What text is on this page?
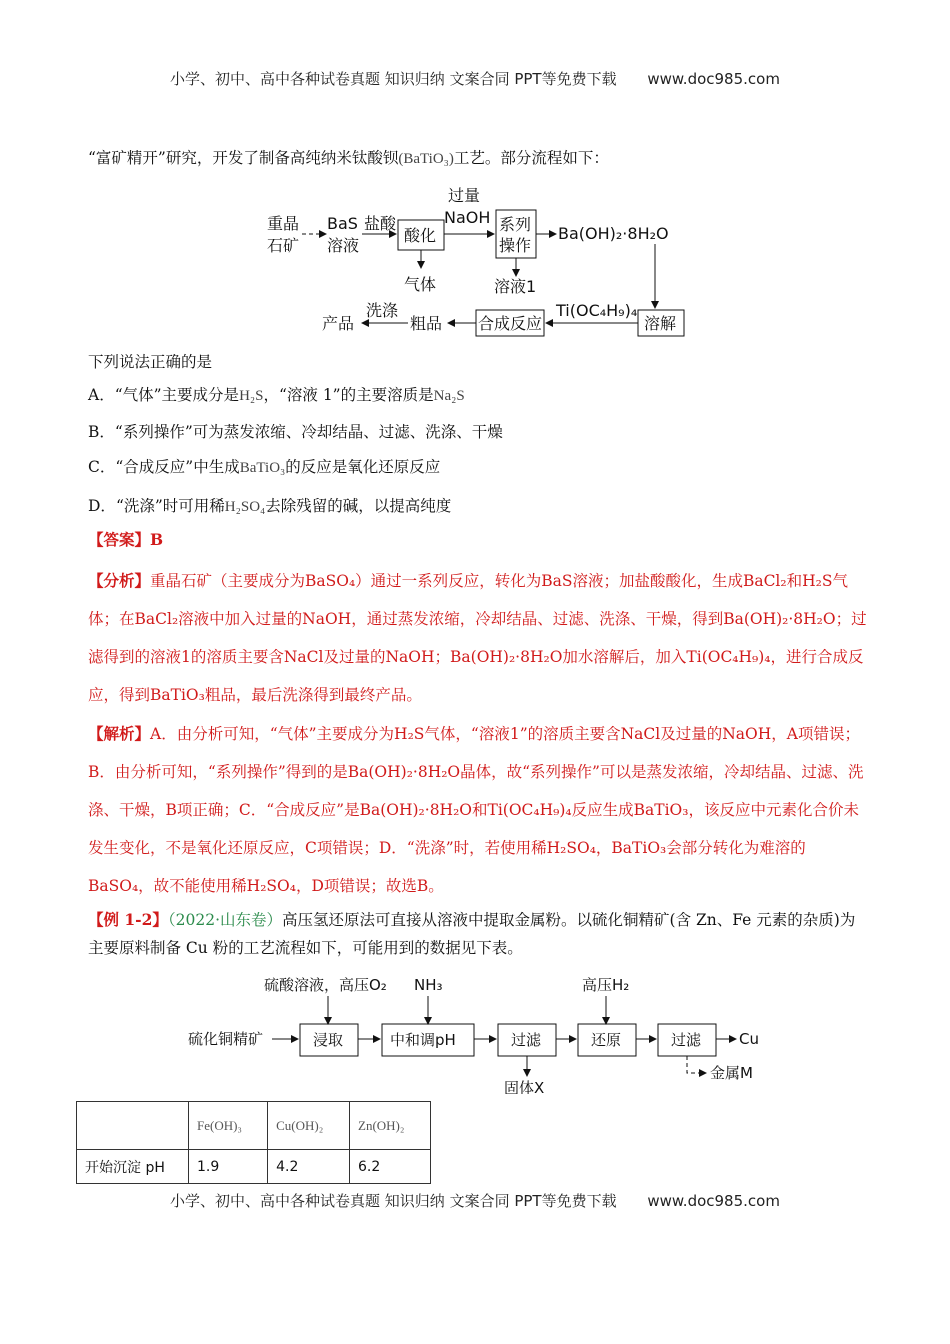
小学、初中、高中各种试卷真题 知识归纳 文案合同 PPT等免费下载 www.doc985.com
“富矿精开”研究，开发了制备高纯纳米钛酸钡(BaTiO₃)工艺。部分流程如下：
重晶
石矿
BaS
溶液
盐酸
酸化
过量
NaOH 系列
操作
Ba(OH)₂·8H₂O
气体	溶液1
溶解
Ti(OC₄H₉)₄
合成反应
粗品
洗涤
产品
下列说法正确的是
A．“气体”主要成分是H₂S，“溶液 1”的主要溶质是Na₂S
B．“系列操作”可为蒸发浓缩、冷却结晶、过滤、洗涤、干燥
C．“合成反应”中生成BaTiO₃的反应是氧化还原反应
D．“洗涤”时可用稀H₂SO₄去除残留的碱，以提高纯度
【答案】B
【分析】重晶石矿（主要成分为BaSO₄）通过一系列反应，转化为BaS溶液；加盐酸酸化，生成BaCl₂和H₂S气体；在BaCl₂溶液中加入过量的NaOH，通过蒸发浓缩，冷却结晶、过滤、洗涤、干燥，得到Ba(OH)₂·8H₂O；过滤得到的溶液1的溶质主要含NaCl及过量的NaOH；Ba(OH)₂·8H₂O加水溶解后，加入Ti(OC₄H₉)₄，进行合成反应，得到BaTiO₃粗品，最后洗涤得到最终产品。
【解析】A．由分析可知，“气体”主要成分为H₂S气体，“溶液1”的溶质主要含NaCl及过量的NaOH，A项错误；B．由分析可知，“系列操作”得到的是Ba(OH)₂·8H₂O晶体，故“系列操作”可以是蒸发浓缩，冷却结晶、过滤、洗涤、干燥，B项正确；C．“合成反应”是Ba(OH)₂·8H₂O和Ti(OC₄H₉)₄反应生成BaTiO₃，该反应中元素化合价未发生变化，不是氧化还原反应，C项错误；D．“洗涤”时，若使用稀H₂SO₄，BaTiO₃会部分转化为难溶的BaSO₄，故不能使用稀H₂SO₄，D项错误；故选B。
【例 1-2】（2022·山东卷）高压氢还原法可直接从溶液中提取金属粉。以硫化铜精矿(含 Zn、Fe 元素的杂质)为主要原料制备 Cu 粉的工艺流程如下，可能用到的数据见下表。
硫酸溶液，高压O₂ NH₃	高压H₂
硫化铜精矿	浸取	中和调pH	过滤	还原	过滤	Cu
固体X
金属M
	Fe(OH)₃	Cu(OH)₂	Zn(OH)₂
开始沉淀 pH	1.9	4.2	6.2
小学、初中、高中各种试卷真题 知识归纳 文案合同 PPT等免费下载 www.doc985.com
